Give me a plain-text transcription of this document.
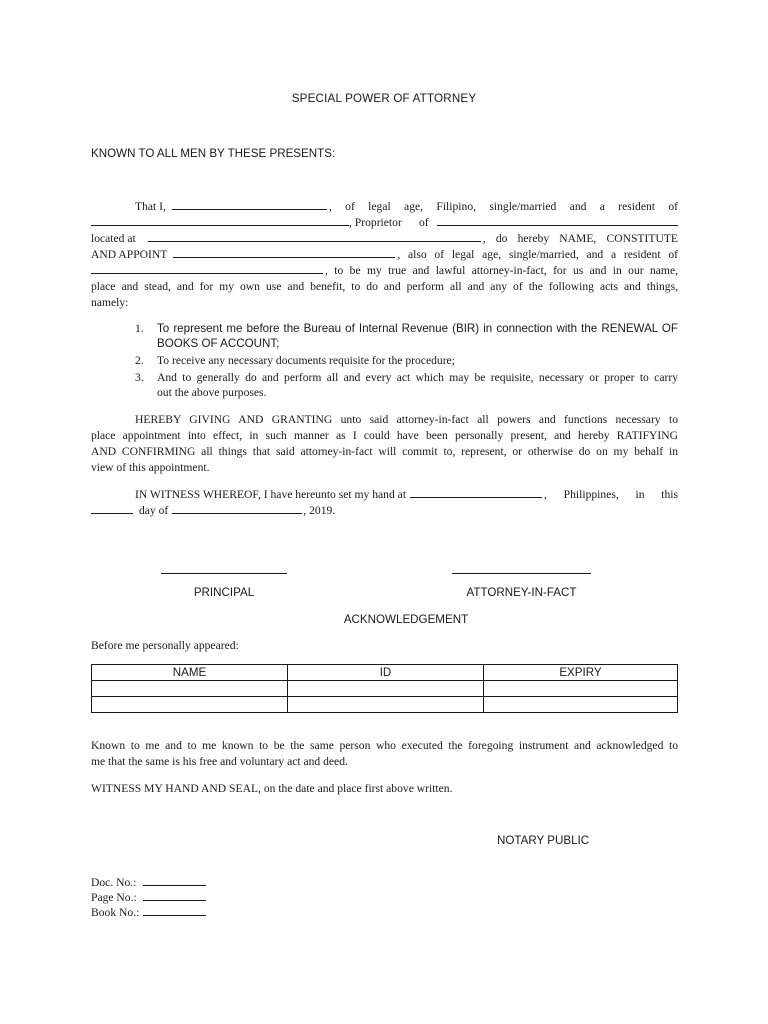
SPECIAL POWER OF ATTORNEY
KNOWN TO ALL MEN BY THESE PRESENTS:
That I,	, of legal age, Filipino, single/married and a resident of
, Proprietor	of
located at	, do hereby NAME, CONSTITUTE
AND APPOINT	, also of legal age, single/married, and a resident of
, to be my true and lawful attorney-in-fact, for us and in our name,
place and stead, and for my own use and benefit, to do and perform all and any of the following acts and things,
namely:
1. To represent me before the Bureau of Internal Revenue (BIR) in connection with the RENEWAL OF
BOOKS OF ACCOUNT;
2. To receive any necessary documents requisite for the procedure;
3. And to generally do and perform all and every act which may be requisite, necessary or proper to carry
out the above purposes.
HEREBY GIVING AND GRANTING unto said attorney-in-fact all powers and functions necessary to
place appointment into effect, in such manner as I could have been personally present, and hereby RATIFYING
AND CONFIRMING all things that said attorney-in-fact will commit to, represent, or otherwise do on my behalf in
view of this appointment.
IN WITNESS WHEREOF, I have hereunto set my hand at	, Philippines, in this
day of	, 2019.
PRINCIPAL	ATTORNEY-IN-FACT
ACKNOWLEDGEMENT
Before me personally appeared:
NAME	ID	EXPIRY

Known to me and to me known to be the same person who executed the foregoing instrument and acknowledged to
me that the same is his free and voluntary act and deed.
WITNESS MY HAND AND SEAL, on the date and place first above written.
NOTARY PUBLIC
Doc. No.:
Page No.:
Book No.:
